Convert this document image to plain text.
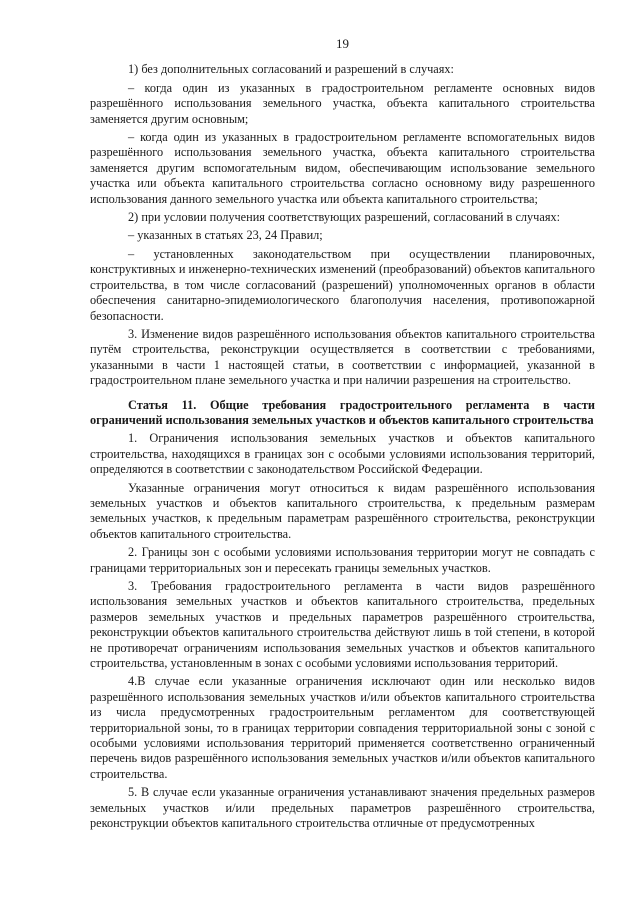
19

1) без дополнительных согласований и разрешений в случаях:

– когда один из указанных в градостроительном регламенте основных видов разрешённого использования земельного участка, объекта капитального строительства заменяется другим основным;

– когда один из указанных в градостроительном регламенте вспомогательных видов разрешённого использования земельного участка, объекта капитального строительства заменяется другим вспомогательным видом, обеспечивающим использование земельного участка или объекта капитального строительства согласно основному виду разрешенного использования данного земельного участка или объекта капитального строительства;

2) при условии получения соответствующих разрешений, согласований в случаях:

– указанных в статьях 23, 24 Правил;

– установленных законодательством при осуществлении планировочных, конструктивных и инженерно-технических изменений (преобразований) объектов капитального строительства, в том числе согласований (разрешений) уполномоченных органов в области обеспечения санитарно-эпидемиологического благополучия населения, противопожарной безопасности.

3. Изменение видов разрешённого использования объектов капитального строительства путём строительства, реконструкции осуществляется в соответствии с требованиями, указанными в части 1 настоящей статьи, в соответствии с информацией, указанной в градостроительном плане земельного участка и при наличии разрешения на строительство.

Статья 11. Общие требования градостроительного регламента в части ограничений использования земельных участков и объектов капитального строительства

1. Ограничения использования земельных участков и объектов капитального строительства, находящихся в границах зон с особыми условиями использования территорий, определяются в соответствии с законодательством Российской Федерации.

Указанные ограничения могут относиться к видам разрешённого использования земельных участков и объектов капитального строительства, к предельным размерам земельных участков, к предельным параметрам разрешённого строительства, реконструкции объектов капитального строительства.

2. Границы зон с особыми условиями использования территории могут не совпадать с границами территориальных зон и пересекать границы земельных участков.

3. Требования градостроительного регламента в части видов разрешённого использования земельных участков и объектов капитального строительства, предельных размеров земельных участков и предельных параметров разрешённого строительства, реконструкции объектов капитального строительства действуют лишь в той степени, в которой не противоречат ограничениям использования земельных участков и объектов капитального строительства, установленным в зонах с особыми условиями использования территорий.

4.В случае если указанные ограничения исключают один или несколько видов разрешённого использования земельных участков и/или объектов капитального строительства из числа предусмотренных градостроительным регламентом для соответствующей территориальной зоны, то в границах территории совпадения территориальной зоны с зоной с особыми условиями использования территорий применяется соответственно ограниченный перечень видов разрешённого использования земельных участков и/или объектов капитального строительства.

5. В случае если указанные ограничения устанавливают значения предельных размеров земельных участков и/или предельных параметров разрешённого строительства, реконструкции объектов капитального строительства отличные от предусмотренных
